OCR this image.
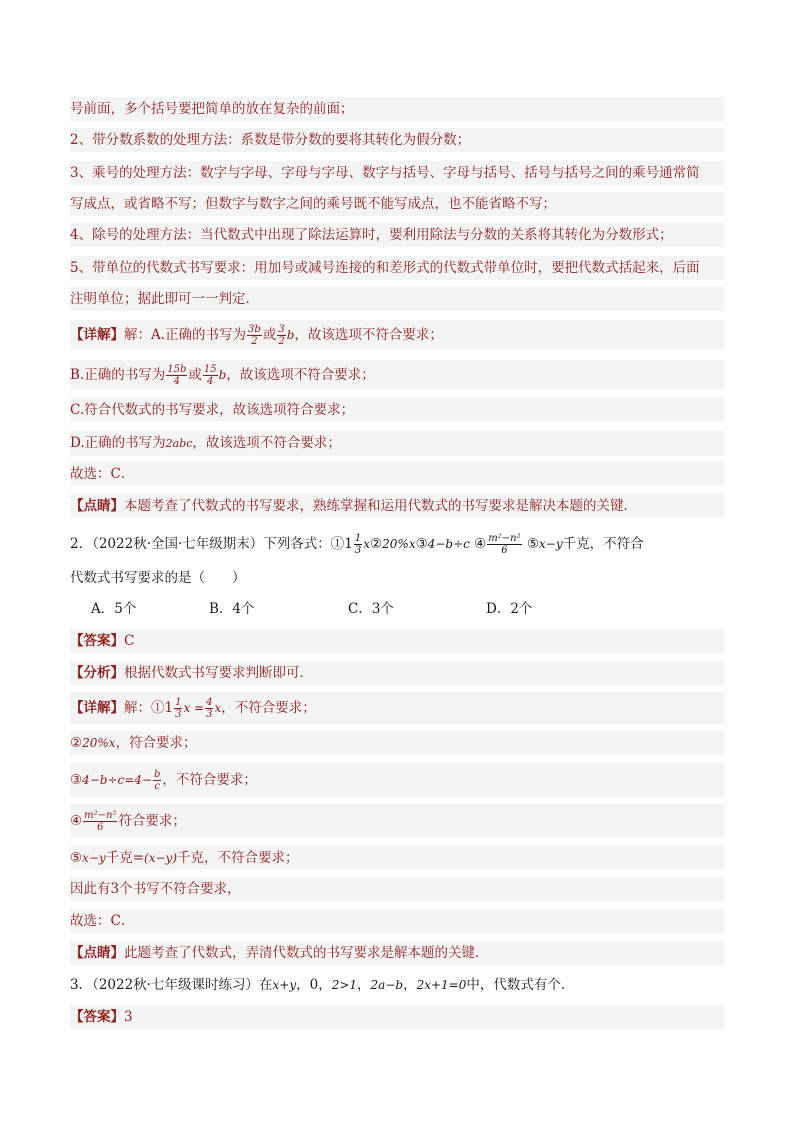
号前面，多个括号要把简单的放在复杂的前面；
2、带分数系数的处理方法：系数是带分数的要将其转化为假分数；
3、乘号的处理方法：数字与字母、字母与字母、数字与括号、字母与括号、括号与括号之间的乘号通常简
写成点，或省略不写；但数字与数字之间的乘号既不能写成点，也不能省略不写；
4、除号的处理方法：当代数式中出现了除法运算时，要利用除法与分数的关系将其转化为分数形式；
5、带单位的代数式书写要求：用加号或减号连接的和差形式的代数式带单位时，要把代数式括起来，后面
注明单位；据此即可一一判定．
【详解】解：A.正确的书写为 $\frac{3b}{2}$ 或 $\frac{3}{2}$ b，故该选项不符合要求；
B.正确的书写为 $\frac{15b}{4}$ 或 $\frac{15}{4}$ b，故该选项不符合要求；
C.符合代数式的书写要求，故该选项符合要求；
D.正确的书写为2abc，故该选项不符合要求；
故选：C．
【点睛】本题考查了代数式的书写要求，熟练掌握和运用代数式的书写要求是解决本题的关键．
2．（2022秋·全国·七年级期末）下列各式：①1 $\frac{1}{3}$ x②20%x③4−b÷c ④ $\frac{\text{m²−n²}}{6}$ ⑤x−y千克，不符合
代数式书写要求的是（　　）
A．5个	B．4个	C．3个	D．2个
【答案】C
【分析】根据代数式书写要求判断即可．
【详解】解：①1 $\frac{1}{3}$ $x = \frac{4}{3}$ x，不符合要求；
②20%x，符合要求；
③4−b÷c=4− $\frac{b}{c}$ ，不符合要求；
④ $\frac{\text{m²−n²}}{6}$ 符合要求；
⑤x−y千克=(x−y)千克，不符合要求；
因此有3个书写不符合要求，
故选：C．
【点睛】此题考查了代数式，弄清代数式的书写要求是解本题的关键．
3．（2022秋·七年级课时练习）在x+y，0，2>1，2a−b，2x+1=0中，代数式有个.
【答案】3
